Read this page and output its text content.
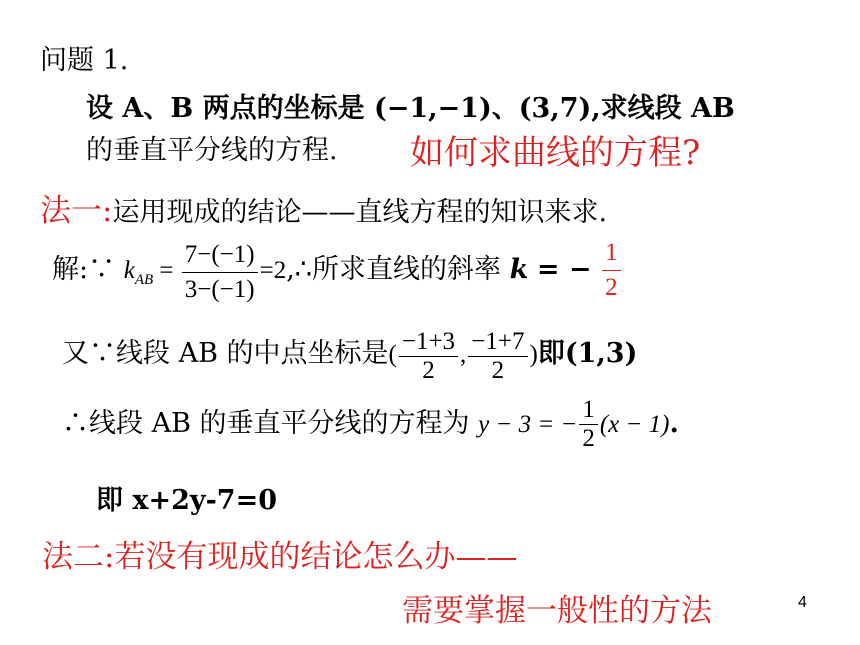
问题 1.
设 A、B 两点的坐标是 (−1,−1)、(3,7),求线段 AB
的垂直平分线的方程. 如何求曲线的方程?
法一:运用现成的结论——直线方程的知识来求.
解:∵ $k_{AB} = \frac{7-(-1)}{3-(-1)}$ =2,∴所求直线的斜率 k = − $\frac{1}{2}$
又∵线段 AB 的中点坐标是( $\frac{-1+3}{2}$ , $\frac{-1+7}{2}$ )即(1,3)
∴线段 AB 的垂直平分线的方程为 y − 3 = − $\frac{1}{2} (x - 1)$.
即 x+2y-7=0
法二:若没有现成的结论怎么办——
需要掌握一般性的方法	4
